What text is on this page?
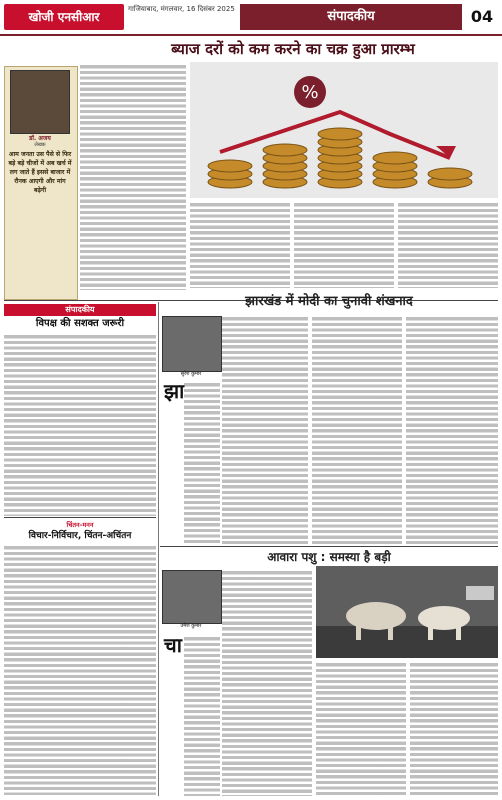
खोजी एनसीआर
गाजियाबाद, मंगलवार, 16 दिसंबर 2025	संपादकीय	04
ब्याज दरों को कम करने का चक्र हुआ प्रारम्भ
डॉ. अजय
लेखक
आम जनता उस पैसे से फिर बड़े बड़े चीजों में अब खर्च में लग जाते हैं इससे बाजार में रौनक आएगी और मांग बढ़ेगी
%
संपादकीय
विपक्ष की सशक्त जरूरी
चिंतन-मनन
विचार-निर्विचार, चिंतन-अचिंतन
झारखंड में मोदी का चुनावी शंखनाद
सुरेश कुमार
झा
आवारा पशु : समस्या है बड़ी
उमेश कुमार
चा
